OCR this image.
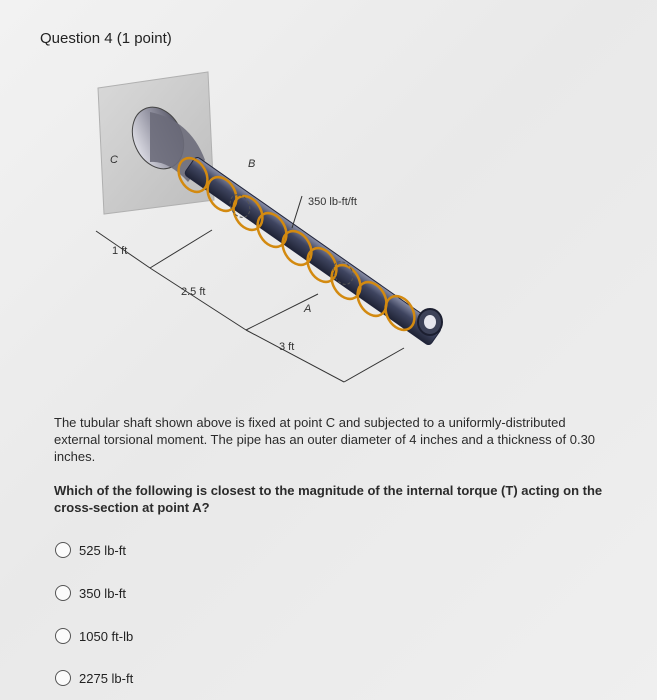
Question 4 (1 point)
C	B
A
350 lb-ft/ft
1 ft
2.5 ft
3 ft

The tubular shaft shown above is fixed at point C and subjected to a uniformly-distributed external torsional moment. The pipe has an outer diameter of 4 inches and a thickness of 0.30 inches.

Which of the following is closest to the magnitude of the internal torque (T) acting on the cross-section at point A?

525 lb-ft
350 lb-ft
1050 ft-lb
2275 lb-ft
